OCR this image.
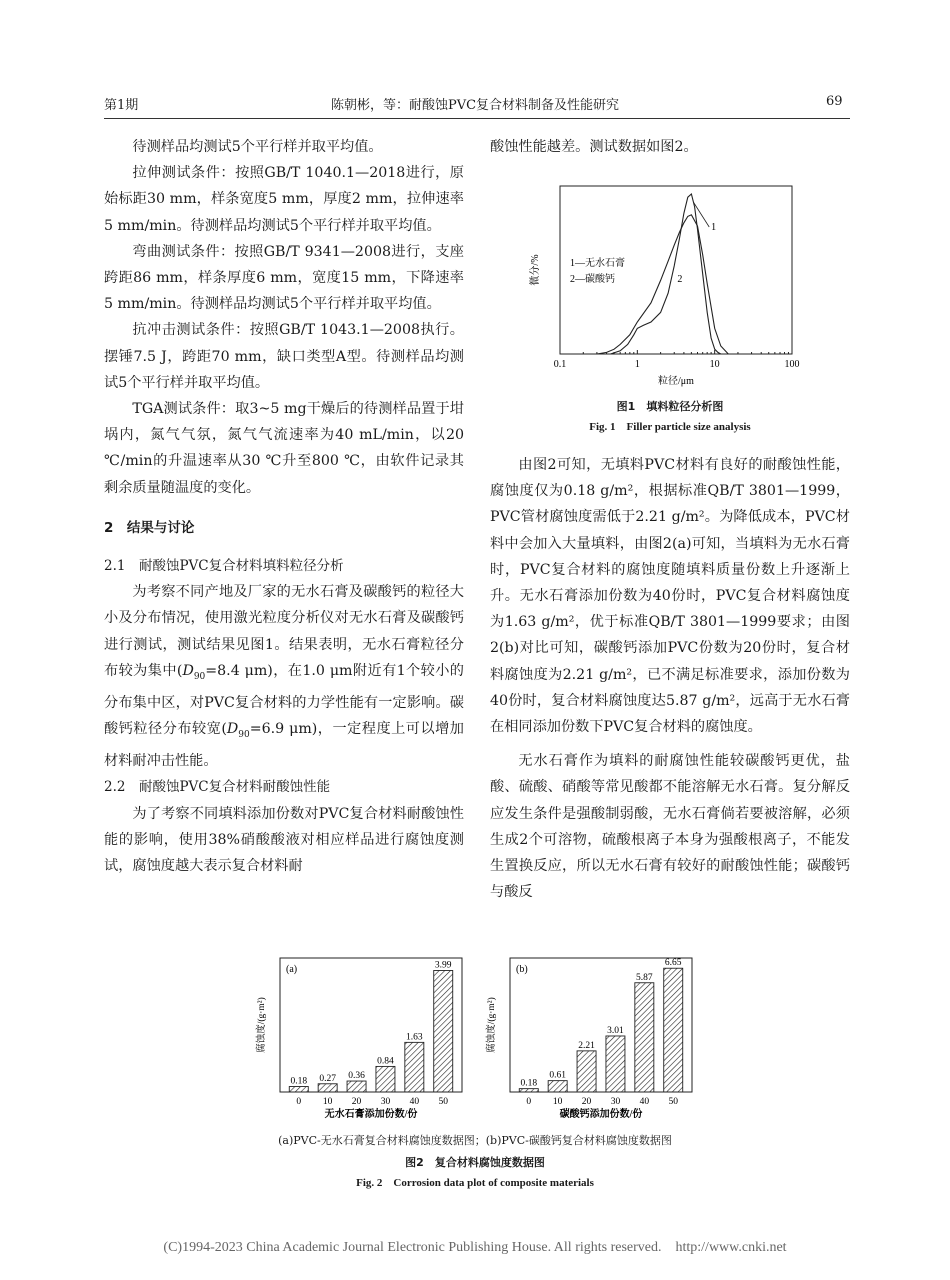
第1期	陈朝彬，等：耐酸蚀PVC复合材料制备及性能研究	69

待测样品均测试5个平行样并取平均值。

拉伸测试条件：按照GB/T 1040.1—2018进行，原始标距30 mm，样条宽度5 mm，厚度2 mm，拉伸速率5 mm/min。待测样品均测试5个平行样并取平均值。

弯曲测试条件：按照GB/T 9341—2008进行，支座跨距86 mm，样条厚度6 mm，宽度15 mm，下降速率5 mm/min。待测样品均测试5个平行样并取平均值。

抗冲击测试条件：按照GB/T 1043.1—2008执行。摆锤7.5 J，跨距70 mm，缺口类型A型。待测样品均测试5个平行样并取平均值。

TGA测试条件：取3~5 mg干燥后的待测样品置于坩埚内，氮气气氛，氮气气流速率为40 mL/min，以20 ℃/min的升温速率从30 ℃升至800 ℃，由软件记录其剩余质量随温度的变化。

2　结果与讨论

2.1　耐酸蚀PVC复合材料填料粒径分析

为考察不同产地及厂家的无水石膏及碳酸钙的粒径大小及分布情况，使用激光粒度分析仪对无水石膏及碳酸钙进行测试，测试结果见图1。结果表明，无水石膏粒径分布较为集中($D_{90}=8.4$ μm)，在1.0 μm附近有1个较小的分布集中区，对PVC复合材料的力学性能有一定影响。碳酸钙粒径分布较宽($D_{90}=6.9$ μm)，一定程度上可以增加材料耐冲击性能。

2.2　耐酸蚀PVC复合材料耐酸蚀性能

为了考察不同填料添加份数对PVC复合材料耐酸蚀性能的影响，使用38%硝酸酸液对相应样品进行腐蚀度测试，腐蚀度越大表示复合材料耐

酸蚀性能越差。测试数据如图2。

0.1	1	10	100
粒径/μm
微分/%	1—无水石膏
2—碳酸钙
1
2
图1　填料粒径分析图
Fig. 1　Filler particle size analysis

由图2可知，无填料PVC材料有良好的耐酸蚀性能，腐蚀度仅为0.18 g/m²，根据标准QB/T 3801—1999，PVC管材腐蚀度需低于2.21 g/m²。为降低成本，PVC材料中会加入大量填料，由图2(a)可知，当填料为无水石膏时，PVC复合材料的腐蚀度随填料质量份数上升逐渐上升。无水石膏添加份数为40份时，PVC复合材料腐蚀度为1.63 g/m²，优于标准QB/T 3801—1999要求；由图2(b)对比可知，碳酸钙添加PVC份数为20份时，复合材料腐蚀度为2.21 g/m²，已不满足标准要求，添加份数为40份时，复合材料腐蚀度达5.87 g/m²，远高于无水石膏在相同添加份数下PVC复合材料的腐蚀度。

无水石膏作为填料的耐腐蚀性能较碳酸钙更优，盐酸、硫酸、硝酸等常见酸都不能溶解无水石膏。复分解反应发生条件是强酸制弱酸，无水石膏倘若要被溶解，必须生成2个可溶物，硫酸根离子本身为强酸根离子，不能发生置换反应，所以无水石膏有较好的耐酸蚀性能；碳酸钙与酸反

(a)
腐蚀度/(g·m²)
0.18
0
0.27
10
0.36
20
0.84
30
1.63
40
3.99
50
无水石膏添加份数/份
(b)
腐蚀度/(g·m²)
0.18
0
0.61
10
2.21
20
3.01
30
5.87
40
6.65
50
碳酸钙添加份数/份
(a)PVC-无水石膏复合材料腐蚀度数据图；(b)PVC-碳酸钙复合材料腐蚀度数据图
图2　复合材料腐蚀度数据图
Fig. 2　Corrosion data plot of composite materials
(C)1994-2023 China Academic Journal Electronic Publishing House. All rights reserved.　http://www.cnki.net
